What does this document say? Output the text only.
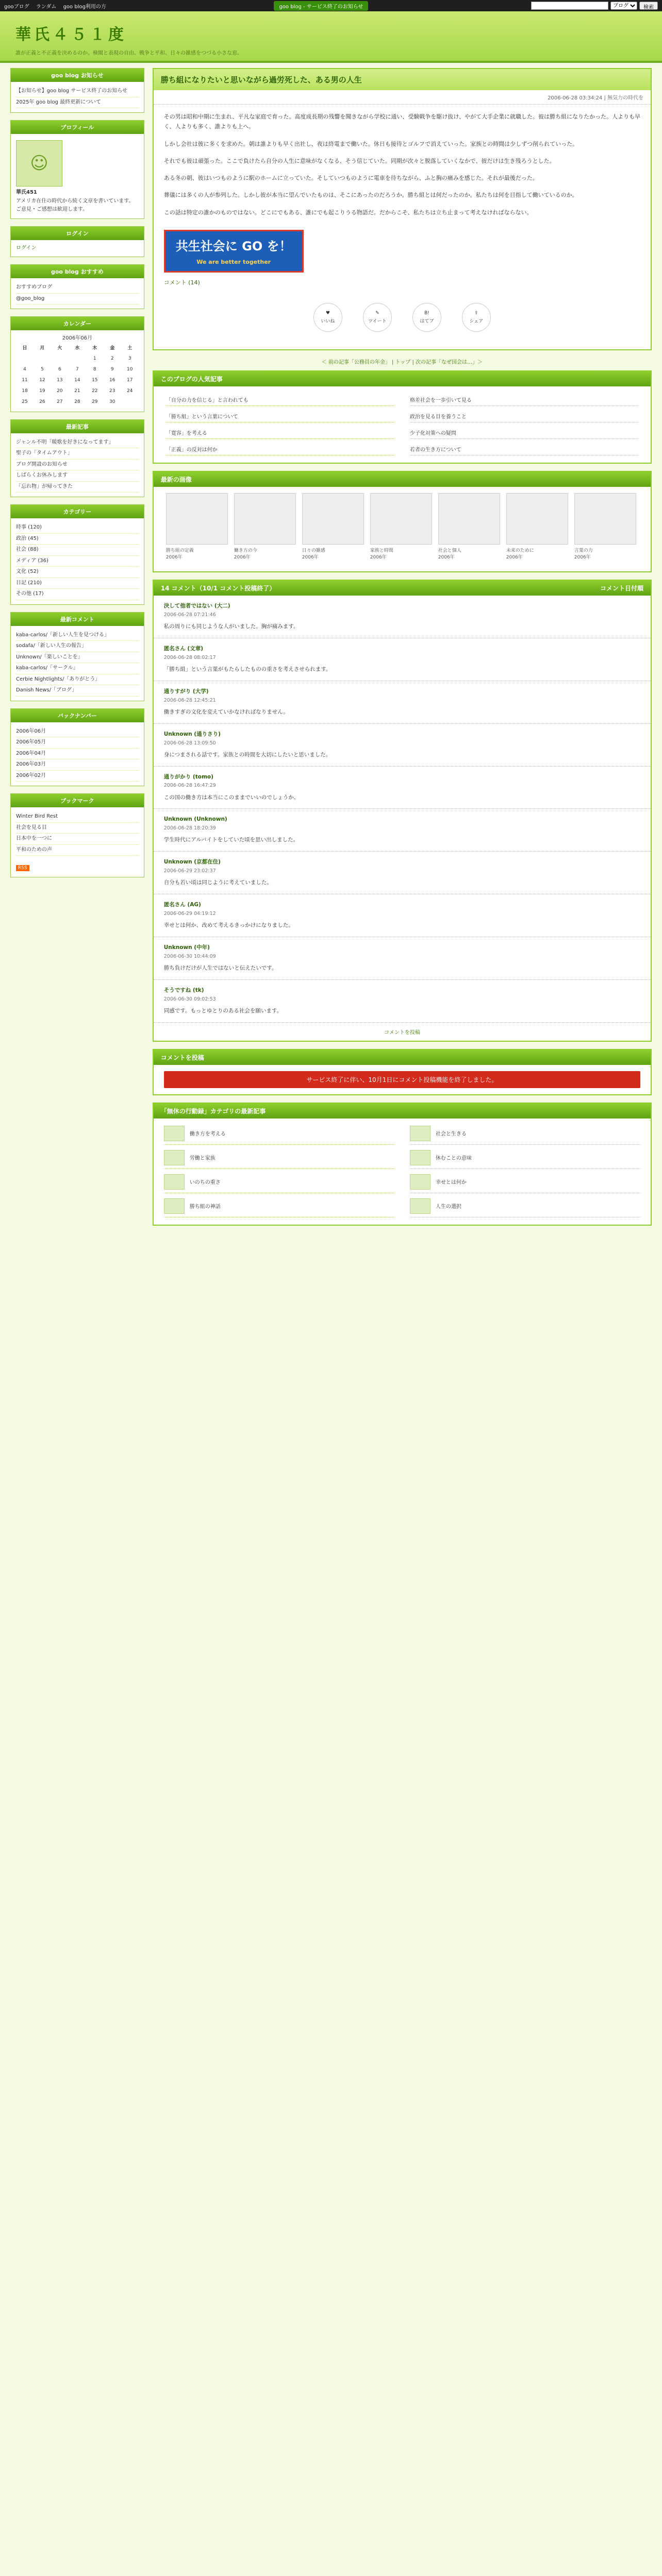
gooブログ ランダム goo blog利用の方	goo blog - サービス終了のお知らせ
ブログ	検索
華氏４５１度

誰が正義と不正義を決めるのか。検閲と表現の自由、戦争と平和、日々の雑感をつづる小さな窓。

goo blog お知らせ
【お知らせ】goo blog サービス終了のお知らせ
2025年 goo blog 最終更新について
プロフィール
☺
華氏451
アメリカ在住の時代から続く文章を書いています。ご意見・ご感想は歓迎します。
ログイン
ログイン
goo blog おすすめ
おすすめブログ
@goo_blog
カレンダー
2006年06月
日	月	火	水	木	金	土
				1	2	3
4	5	6	7	8	9	10
11	12	13	14	15	16	17
18	19	20	21	22	23	24
25	26	27	28	29	30	
最新記事
ジャンル不明「暖歌を好きになってます」
聖子の「タイムアウト」
ブログ開設のお知らせ
しばらくお休みします
「忘れ物」が帰ってきた
カテゴリー
時事 (120)
政治 (45)
社会 (88)
メディア (36)
文化 (52)
日記 (210)
その他 (17)
最新コメント
kaba-carlos/「新しい人生を見つける」
sodafa/「新しい人生の報告」
Unknown/「楽しいことを」
kaba-carlos/「サークル」
Cerbie Nightlights/「ありがとう」
Danish News/「ブログ」
バックナンバー
2006年06月
2006年05月
2006年04月
2006年03月
2006年02月
ブックマーク
Winter Bird Rest
社会を見る目
日本中を一つに
平和のための声
RSS
勝ち組になりたいと思いながら過労死した、ある男の人生
2006-06-28 03:34:24 | 無気力の時代を

その男は昭和中期に生まれ、平凡な家庭で育った。高度成長期の残響を聞きながら学校に通い、受験戦争を駆け抜け、やがて大手企業に就職した。彼は勝ち組になりたかった。人よりも早く、人よりも多く、誰よりも上へ。

しかし会社は彼に多くを求めた。朝は誰よりも早く出社し、夜は終電まで働いた。休日も接待とゴルフで消えていった。家族との時間は少しずつ削られていった。

それでも彼は頑張った。ここで負けたら自分の人生に意味がなくなる、そう信じていた。同期が次々と脱落していくなかで、彼だけは生き残ろうとした。

ある冬の朝、彼はいつものように駅のホームに立っていた。そしていつものように電車を待ちながら、ふと胸の痛みを感じた。それが最後だった。

葬儀には多くの人が参列した。しかし彼が本当に望んでいたものは、そこにあったのだろうか。勝ち組とは何だったのか。私たちは何を目指して働いているのか。

この話は特定の誰かのものではない。どこにでもある、誰にでも起こりうる物語だ。だからこそ、私たちは立ち止まって考えなければならない。

共生社会に GO を！
We are better together
コメント (14)
♥
いいね
✎
ツイート
B!
はてブ
⇪
シェア
＜ 前の記事「公務員の年金」 | トップ | 次の記事「なぜ国会は…」＞
このブログの人気記事
「自分の力を信じる」と言われても	格差社会を一歩引いて見る
「勝ち組」という言葉について	政治を見る目を養うこと
「寛容」を考える	少子化対策への疑問
「正義」の反対は何か	若者の生き方について
最新の画像
勝ち組の定義
2006年
働き方の今
2006年
日々の雑感
2006年
家族と時間
2006年
社会と個人
2006年
未来のために
2006年
言葉の力
2006年
14 コメント（10/1 コメント投稿終了）	コメント日付順
決して他者ではない (大二)
2006-06-28 07:21:46
私の周りにも同じような人がいました。胸が痛みます。
匿名さん (文章)
2006-06-28 08:02:17
「勝ち組」という言葉がもたらしたものの重さを考えさせられます。
通りすがり (大学)
2006-06-28 12:45:21
働きすぎの文化を変えていかなければなりません。
Unknown (通りさり)
2006-06-28 13:09:50
身につまされる話です。家族との時間を大切にしたいと思いました。
通りがかり (tomo)
2006-06-28 16:47:29
この国の働き方は本当にこのままでいいのでしょうか。
Unknown (Unknown)
2006-06-28 18:20:39
学生時代にアルバイトをしていた頃を思い出しました。
Unknown (京都在住)
2006-06-29 23:02:37
自分も若い頃は同じように考えていました。
匿名さん (AG)
2006-06-29 04:19:12
幸せとは何か、改めて考えるきっかけになりました。
Unknown (中年)
2006-06-30 10:44:09
勝ち負けだけが人生ではないと伝えたいです。
そうですね (tk)
2006-06-30 09:02:53
同感です。もっとゆとりのある社会を願います。
コメントを投稿
コメントを投稿
サービス終了に伴い、10月1日にコメント投稿機能を終了しました。
「無休の行動録」カテゴリの最新記事
働き方を考える	社会と生きる
労働と家族	休むことの意味
いのちの重さ	幸せとは何か
勝ち組の神話	人生の選択
